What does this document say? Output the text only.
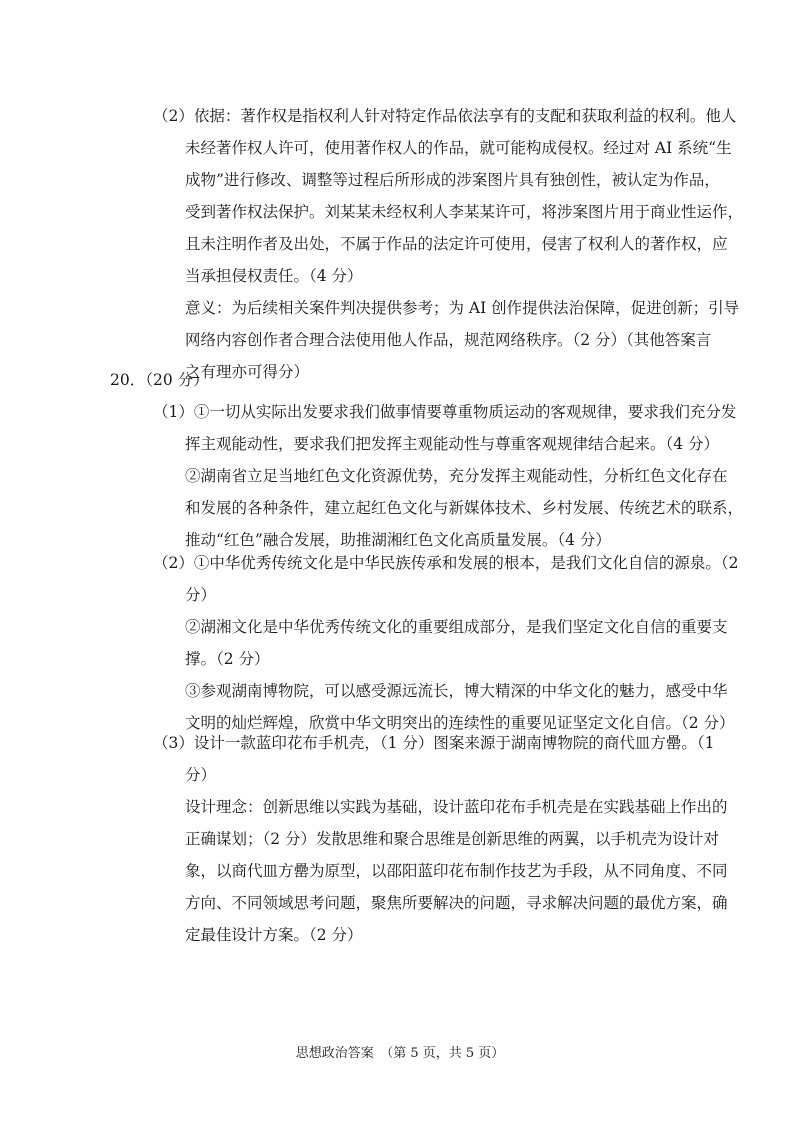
（2）依据：著作权是指权利人针对特定作品依法享有的支配和获取利益的权利。他人
未经著作权人许可，使用著作权人的作品，就可能构成侵权。经过对 AI 系统“生
成物”进行修改、调整等过程后所形成的涉案图片具有独创性，被认定为作品，
受到著作权法保护。刘某某未经权利人李某某许可，将涉案图片用于商业性运作，
且未注明作者及出处，不属于作品的法定许可使用，侵害了权利人的著作权，应
当承担侵权责任。（4 分）
意义：为后续相关案件判决提供参考；为 AI 创作提供法治保障，促进创新；引导
网络内容创作者合理合法使用他人作品，规范网络秩序。（2 分）（其他答案言
之有理亦可得分）
20．（20 分）
（1）①一切从实际出发要求我们做事情要尊重物质运动的客观规律，要求我们充分发
挥主观能动性，要求我们把发挥主观能动性与尊重客观规律结合起来。（4 分）
②湖南省立足当地红色文化资源优势，充分发挥主观能动性，分析红色文化存在
和发展的各种条件，建立起红色文化与新媒体技术、乡村发展、传统艺术的联系，
推动“红色”融合发展，助推湖湘红色文化高质量发展。（4 分）
（2）①中华优秀传统文化是中华民族传承和发展的根本，是我们文化自信的源泉。（2
分）
②湖湘文化是中华优秀传统文化的重要组成部分，是我们坚定文化自信的重要支
撑。（2 分）
③参观湖南博物院，可以感受源远流长，博大精深的中华文化的魅力，感受中华
文明的灿烂辉煌，欣赏中华文明突出的连续性的重要见证坚定文化自信。（2 分）
（3）设计一款蓝印花布手机壳，（1 分）图案来源于湖南博物院的商代皿方罍。（1
分）
设计理念：创新思维以实践为基础，设计蓝印花布手机壳是在实践基础上作出的
正确谋划；（2 分）发散思维和聚合思维是创新思维的两翼，以手机壳为设计对
象，以商代皿方罍为原型，以邵阳蓝印花布制作技艺为手段，从不同角度、不同
方向、不同领域思考问题，聚焦所要解决的问题，寻求解决问题的最优方案，确
定最佳设计方案。（2 分）
思想政治答案　（第 5 页，共 5 页）
